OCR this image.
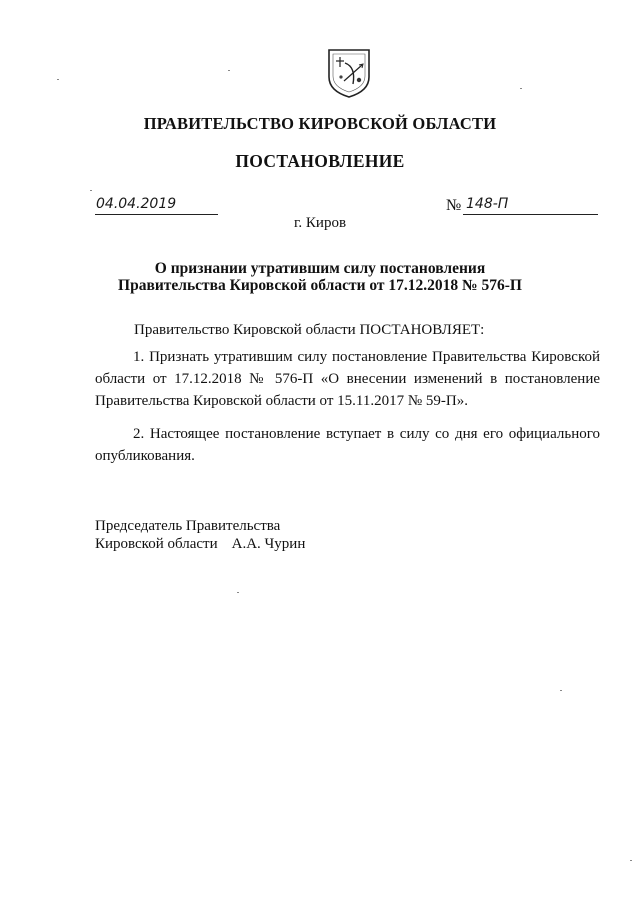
ПРАВИТЕЛЬСТВО КИРОВСКОЙ ОБЛАСТИ
ПОСТАНОВЛЕНИЕ
04.04.2019	№ 148-П
г. Киров
О признании утратившим силу постановления
Правительства Кировской области от 17.12.2018 № 576-П
Правительство Кировской области ПОСТАНОВЛЯЕТ:
1. Признать утратившим силу постановление Правительства Кировской области от 17.12.2018 № 576-П «О внесении изменений в постановление Правительства Кировской области от 15.11.2017 № 59-П».
2. Настоящее постановление вступает в силу со дня его официального опубликования.
Председатель Правительства
Кировской области А.А. Чурин
